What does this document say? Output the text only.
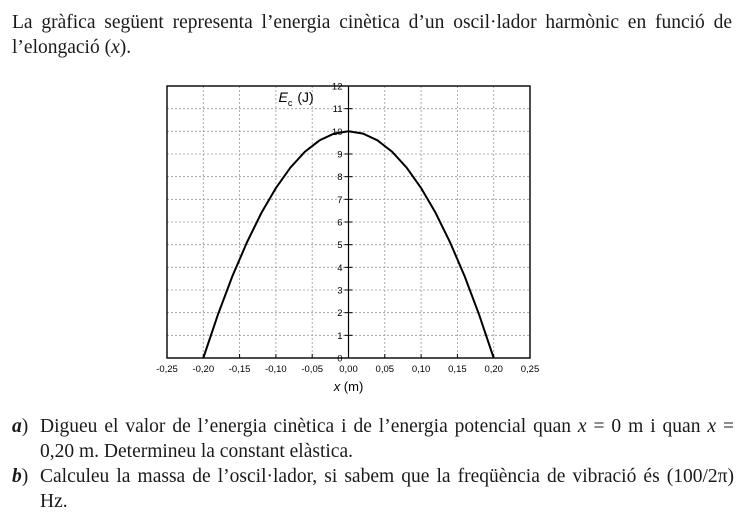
La gràfica següent representa l’energia cinètica d’un oscil·lador harmònic en funció de l’elongació (x).
0
1
2
3
4
5
6
7
8
9
10
11
12
-0,25 -0,20 -0,15 -0,10 -0,05 0,00 0,05 0,10 0,15 0,20 0,25
$E_c$ (J)
x (m)
a) Digueu el valor de l’energia cinètica i de l’energia potencial quan x = 0 m i quan x = 0,20 m. Determineu la constant elàstica.
b) Calculeu la massa de l’oscil·lador, si sabem que la freqüència de vibració és (100/2π) Hz.
